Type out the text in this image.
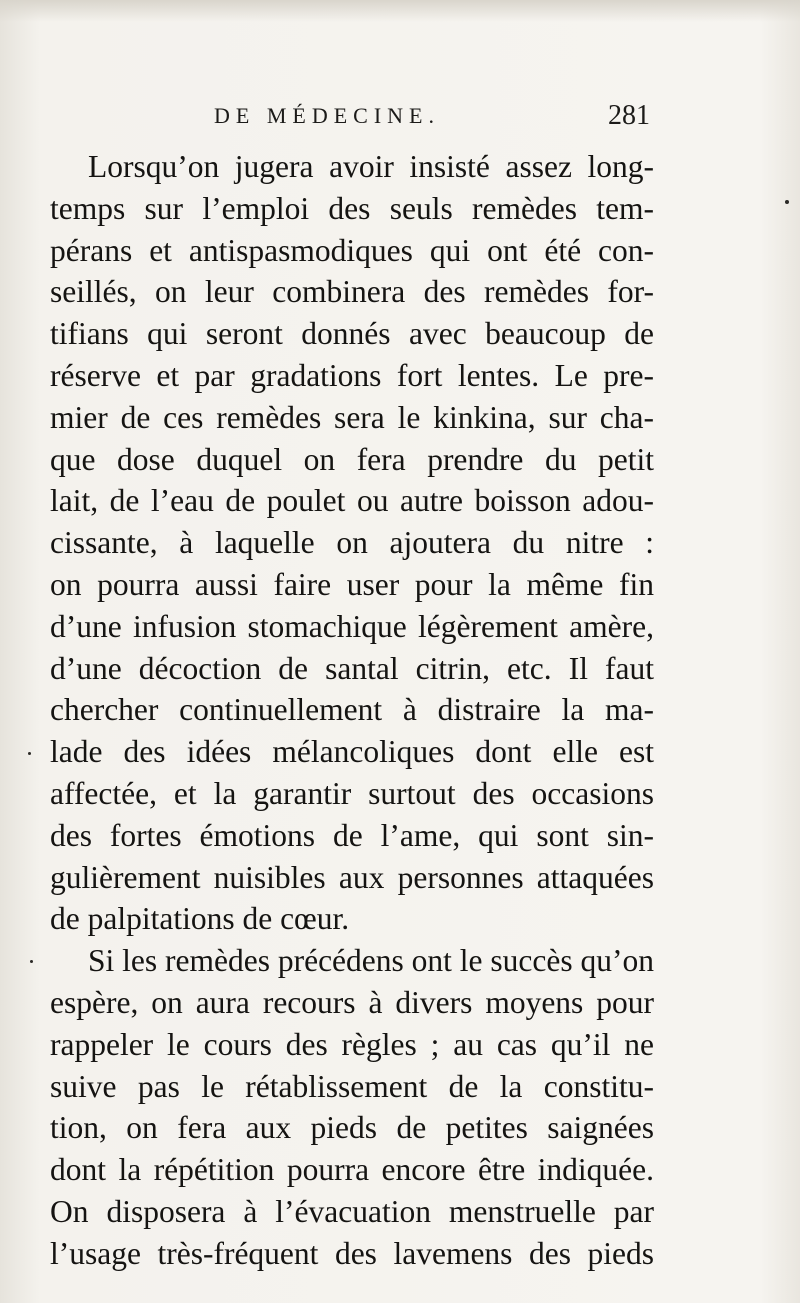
DE MÉDECINE.	281
Lorsqu’on jugera avoir insisté assez long-
temps sur l’emploi des seuls remèdes tem-
pérans et antispasmodiques qui ont été con-
seillés, on leur combinera des remèdes for-
tifians qui seront donnés avec beaucoup de
réserve et par gradations fort lentes. Le pre-
mier de ces remèdes sera le kinkina, sur cha-
que dose duquel on fera prendre du petit
lait, de l’eau de poulet ou autre boisson adou-
cissante, à laquelle on ajoutera du nitre :
on pourra aussi faire user pour la même fin
d’une infusion stomachique légèrement amère,
d’une décoction de santal citrin, etc. Il faut
chercher continuellement à distraire la ma-
lade des idées mélancoliques dont elle est
affectée, et la garantir surtout des occasions
des fortes émotions de l’ame, qui sont sin-
gulièrement nuisibles aux personnes attaquées
de palpitations de cœur.
Si les remèdes précédens ont le succès qu’on
espère, on aura recours à divers moyens pour
rappeler le cours des règles ; au cas qu’il ne
suive pas le rétablissement de la constitu-
tion, on fera aux pieds de petites saignées
dont la répétition pourra encore être indiquée.
On disposera à l’évacuation menstruelle par
l’usage très-fréquent des lavemens des pieds
